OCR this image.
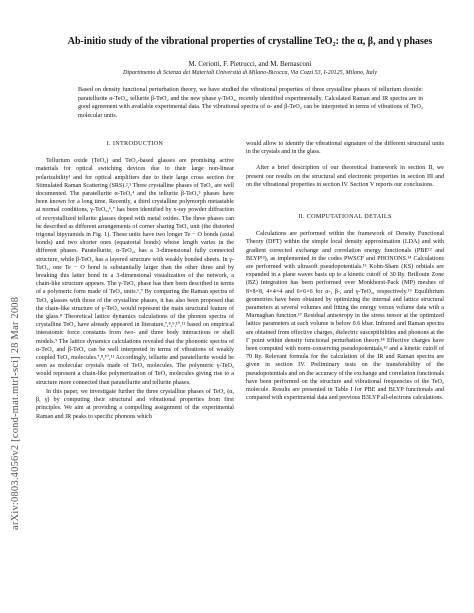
arXiv:0803.4056v2 [cond-mat.mtrl-sci] 28 Mar 2008
Ab-initio study of the vibrational properties of crystalline TeO₂: the α, β, and γ phases
M. Ceriotti, F. Pietrucci, and M. Bernasconi
Dipartimento di Scienza dei Materiali Università di Milano-Bicocca, Via Cozzi 53, I-20125, Milano, Italy
Based on density functional perturbation theory, we have studied the vibrational properties of three crystalline phases of tellurium dioxide: paratellurite α-TeO₂, tellurite β-TeO₂ and the new phase γ-TeO₂, recently identified experimentally. Calculated Raman and IR spectra are in good agreement with available experimental data. The vibrational spectra of α- and β-TeO₂ can be interpreted in terms of vibrations of TeO₂ molecular units.
I. INTRODUCTION

Tellurium oxide (TeO₂) and TeO₂-based glasses are promising active materials for optical switching devices due to their large non-linear polarizability¹ and for optical amplifiers due to their large cross section for Stimulated Raman Scattering (SRS).²,³ Three crystalline phases of TeO₂ are well documented. The paratellurite α-TeO₂⁴ and the tellurite β-TeO₂⁵ phases have been known for a long time. Recently, a third crystalline polymorph metastable at normal conditions, γ-TeO₂,⁶,⁷ has been identified by x-ray powder diffraction of recrystallized tellurite glasses doped with metal oxides. The three phases can be described as different arrangements of corner sharing TeO₄ unit (the distorted trigonal bipyramids in Fig. 1). These units have two longer Te − O bonds (axial bonds) and two shorter ones (equatorial bonds) whose length varies in the different phases. Paratellurite, α-TeO₂, has a 3-dimensional fully connected structure, while β-TeO₂ has a layered structure with weakly bonded sheets. In γ-TeO₂, one Te − O bond is substantially larger than the other three and by breaking this latter bond in a 3-dimensional visualization of the network, a chain-like structure appears. The γ-TeO₂ phase has then been described in terms of a polymeric form made of TeO₃ units.⁶,⁷ By comparing the Raman spectra of TeO₂ glasses with those of the crystalline phases, it has also been proposed that the chain-like structure of γ-TeO₂ would represent the main structural feature of the glass.⁸ Theoretical lattice dynamics calculations of the phonon spectra of crystalline TeO₂ have already appeared in literature,⁷,⁸,⁹,¹⁰,¹¹ based on empirical interatomic force constants from two- and three body interactions or shell models.⁹ The lattice dynamics calculations revealed that the phononic spectra of α-TeO₂ and β-TeO₂ can be well interpreted in terms of vibrations of weakly coupled TeO₂ molecules.⁷,⁸,¹⁰,¹¹ Accordingly, tellurite and paratellurite would be seen as molecular crystals made of TeO₂ molecules. The polymeric γ-TeO₂ would represent a chain-like polymerization of TeO₂ molecules giving rise to a structure more connected than paratellurite and tellurite phases.

In this paper, we investigate further the three crystalline phases of TeO₂ (α, β, γ) by computing their structural and vibrational properties from first principles. We aim at providing a compelling assignment of the experimental Raman and IR peaks to specific phonons which

would allow to identify the vibrational signature of the different structural units in the crystals and in the glass.

After a brief description of our theoretical framework in section II, we present our results on the structural and electronic properties in section III and on the vibrational properties in section IV. Section V reports our conclusions.

II. COMPUTATIONAL DETAILS

Calculations are performed within the framework of Density Functional Theory (DFT) within the simple local density approximation (LDA) and with gradient corrected exchange and correlation energy functionals (PBE¹² and BLYP¹³), as implemented in the codes PWSCF and PHONONS.¹⁴ Calculations are performed with ultrasoft pseudopotentials.¹⁵ Kohn-Sham (KS) orbitals are expanded in a plane waves basis up to a kinetic cutoff of 30 Ry. Brillouin Zone (BZ) integration has been performed over Monkhorst-Pack (MP) meshes of 8×8×8, 4×4×4 and 6×6×6 for α-, β-, and γ-TeO₂, respectively.¹⁶ Equilibrium geometries have been obtained by optimizing the internal and lattice structural parameters at several volumes and fitting the energy versus volume data with a Murnaghan function.¹⁷ Residual anisotropy in the stress tensor at the optimized lattice parameters at each volume is below 0.6 kbar. Infrared and Raman spectra are obtained from effective charges, dielectric susceptibilities and phonons at the Γ point within density functional perturbation theory.¹⁸ Effective charges have been computed with norm-conserving pseudopotentials,¹⁹ and a kinetic cutoff of 70 Ry. Relevant formula for the calculation of the IR and Raman spectra are given in section IV. Preliminary tests on the transferability of the pseudopotentials and on the accuracy of the exchange and correlation functionals have been performed on the structure and vibrational frequencies of the TeO₂ molecule. Results are presented in Table I for PBE and BLYP functionals and compared with experimental data and previous B3LYP all-electrons calculations.
